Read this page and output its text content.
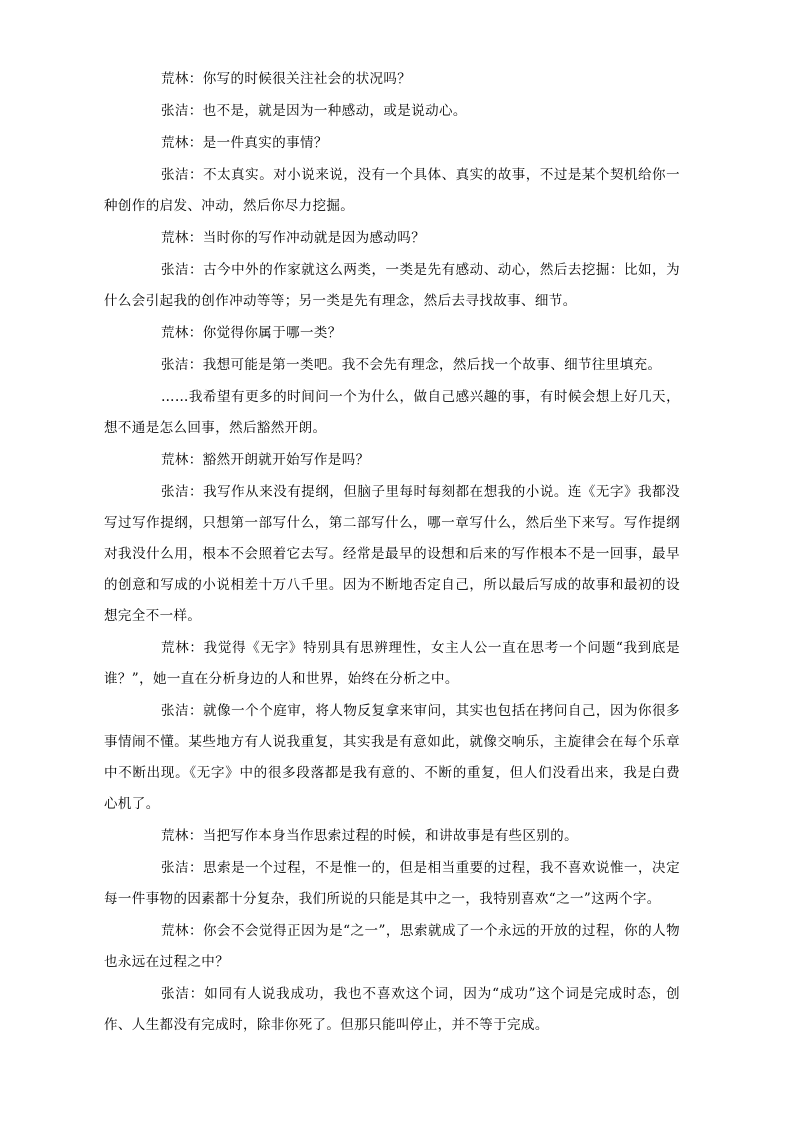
荒林：你写的时候很关注社会的状况吗？

张洁：也不是，就是因为一种感动，或是说动心。

荒林：是一件真实的事情？

张洁：不太真实。对小说来说，没有一个具体、真实的故事，不过是某个契机给你一种创作的启发、冲动，然后你尽力挖掘。

荒林：当时你的写作冲动就是因为感动吗？

张洁：古今中外的作家就这么两类，一类是先有感动、动心，然后去挖掘：比如，为什么会引起我的创作冲动等等；另一类是先有理念，然后去寻找故事、细节。

荒林：你觉得你属于哪一类？

张洁：我想可能是第一类吧。我不会先有理念，然后找一个故事、细节往里填充。

……我希望有更多的时间问一个为什么，做自己感兴趣的事，有时候会想上好几天，想不通是怎么回事，然后豁然开朗。

荒林：豁然开朗就开始写作是吗？

张洁：我写作从来没有提纲，但脑子里每时每刻都在想我的小说。连《无字》我都没写过写作提纲，只想第一部写什么，第二部写什么，哪一章写什么，然后坐下来写。写作提纲对我没什么用，根本不会照着它去写。经常是最早的设想和后来的写作根本不是一回事，最早的创意和写成的小说相差十万八千里。因为不断地否定自己，所以最后写成的故事和最初的设想完全不一样。

荒林：我觉得《无字》特别具有思辨理性，女主人公一直在思考一个问题“我到底是谁？”，她一直在分析身边的人和世界，始终在分析之中。

张洁：就像一个个庭审，将人物反复拿来审问，其实也包括在拷问自己，因为你很多事情闹不懂。某些地方有人说我重复，其实我是有意如此，就像交响乐，主旋律会在每个乐章中不断出现。《无字》中的很多段落都是我有意的、不断的重复，但人们没看出来，我是白费心机了。

荒林：当把写作本身当作思索过程的时候，和讲故事是有些区别的。

张洁：思索是一个过程，不是惟一的，但是相当重要的过程，我不喜欢说惟一，决定每一件事物的因素都十分复杂，我们所说的只能是其中之一，我特别喜欢“之一”这两个字。

荒林：你会不会觉得正因为是“之一”，思索就成了一个永远的开放的过程，你的人物也永远在过程之中？

张洁：如同有人说我成功，我也不喜欢这个词，因为“成功”这个词是完成时态，创作、人生都没有完成时，除非你死了。但那只能叫停止，并不等于完成。
